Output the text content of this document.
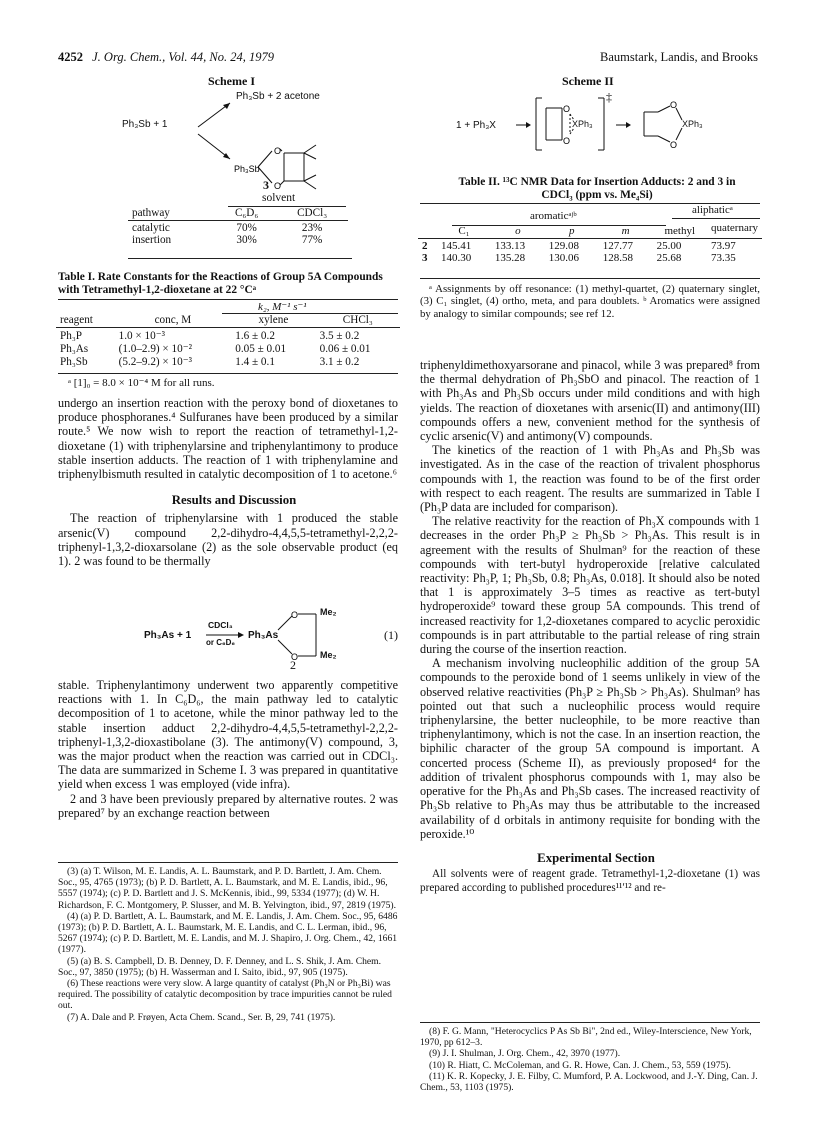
4252 J. Org. Chem., Vol. 44, No. 24, 1979	Baumstark, Landis, and Brooks
Scheme I
Ph₃Sb + 2 acetone
Ph₃Sb + 1
O
O
Ph₃Sb
3
solvent
pathway	C₆D₆	CDCl₃

catalytic	70%	23%
insertion	30%	77%
Table I. Rate Constants for the Reactions of Group 5A Compounds with Tetramethyl-1,2-dioxetane at 22 °Cᵃ
k₂, M⁻¹ s⁻¹
reagent	conc, M	xylene	CHCl₃

Ph₃P	1.0 × 10⁻³	1.6 ± 0.2	3.5 ± 0.2
Ph₃As	(1.0–2.9) × 10⁻²	0.05 ± 0.01	0.06 ± 0.01
Ph₃Sb	(5.2–9.2) × 10⁻³	1.4 ± 0.1	3.1 ± 0.2
ᵃ [1]₀ = 8.0 × 10⁻⁴ M for all runs.

undergo an insertion reaction with the peroxy bond of dioxetanes to produce phosphoranes.⁴ Sulfuranes have been produced by a similar route.⁵ We now wish to report the reaction of tetramethyl-1,2-dioxetane (1) with triphenylarsine and triphenylantimony to produce stable insertion adducts. The reaction of 1 with triphenylamine and triphenylbismuth resulted in catalytic decomposition of 1 to acetone.⁶

Results and Discussion

The reaction of triphenylarsine with 1 produced the stable arsenic(V) compound 2,2-dihydro-4,4,5,5-tetramethyl-2,2,2-triphenyl-1,3,2-dioxarsolane (2) as the sole observable product (eq 1). 2 was found to be thermally

Ph₃As + 1
CDCl₃
or C₆D₆
O
O
Ph₃As
Me₂
Me₂
(1)
2

stable. Triphenylantimony underwent two apparently competitive reactions with 1. In C₆D₆, the main pathway led to catalytic decomposition of 1 to acetone, while the minor pathway led to the stable insertion adduct 2,2-dihydro-4,4,5,5-tetramethyl-2,2,2-triphenyl-1,3,2-dioxastibolane (3). The antimony(V) compound, 3, was the major product when the reaction was carried out in CDCl₃. The data are summarized in Scheme I. 3 was prepared in quantitative yield when excess 1 was employed (vide infra).

2 and 3 have been previously prepared by alternative routes. 2 was prepared⁷ by an exchange reaction between

(3) (a) T. Wilson, M. E. Landis, A. L. Baumstark, and P. D. Bartlett, J. Am. Chem. Soc., 95, 4765 (1973); (b) P. D. Bartlett, A. L. Baumstark, and M. E. Landis, ibid., 96, 5557 (1974); (c) P. D. Bartlett and J. S. McKennis, ibid., 99, 5334 (1977); (d) W. H. Richardson, F. C. Montgomery, P. Slusser, and M. B. Yelvington, ibid., 97, 2819 (1975).

(4) (a) P. D. Bartlett, A. L. Baumstark, and M. E. Landis, J. Am. Chem. Soc., 95, 6486 (1973); (b) P. D. Bartlett, A. L. Baumstark, M. E. Landis, and C. L. Lerman, ibid., 96, 5267 (1974); (c) P. D. Bartlett, M. E. Landis, and M. J. Shapiro, J. Org. Chem., 42, 1661 (1977).

(5) (a) B. S. Campbell, D. B. Denney, D. F. Denney, and L. S. Shik, J. Am. Chem. Soc., 97, 3850 (1975); (b) H. Wasserman and I. Saito, ibid., 97, 905 (1975).

(6) These reactions were very slow. A large quantity of catalyst (Ph₃N or Ph₃Bi) was required. The possibility of catalytic decomposition by trace impurities cannot be ruled out.

(7) A. Dale and P. Frøyen, Acta Chem. Scand., Ser. B, 29, 741 (1975).

Scheme II
1 + Ph₃X
O
O
O
O
XPh₃
‡
XPh₃
Table II. ¹³C NMR Data for Insertion Adducts: 2 and 3 in CDCl₃ (ppm vs. Me₄Si)
aromaticᵃʲᵇ	aliphaticᵃ
	C₁	o	p	m	methyl	quaternary

2	145.41	133.13	129.08	127.77	25.00	73.97
3	140.30	135.28	130.06	128.58	25.68	73.35

ᵃ Assignments by off resonance: (1) methyl-quartet, (2) quaternary singlet, (3) C₁ singlet, (4) ortho, meta, and para doublets. ᵇ Aromatics were assigned by analogy to similar compounds; see ref 12.

triphenyldimethoxyarsorane and pinacol, while 3 was prepared⁸ from the thermal dehydration of Ph₃SbO and pinacol. The reaction of 1 with Ph₃As and Ph₃Sb occurs under mild conditions and with high yields. The reaction of dioxetanes with arsenic(II) and antimony(III) compounds offers a new, convenient method for the synthesis of cyclic arsenic(V) and antimony(V) compounds.

The kinetics of the reaction of 1 with Ph₃As and Ph₃Sb was investigated. As in the case of the reaction of trivalent phosphorus compounds with 1, the reaction was found to be of the first order with respect to each reagent. The results are summarized in Table I (Ph₃P data are included for comparison).

The relative reactivity for the reaction of Ph₃X compounds with 1 decreases in the order Ph₃P ≥ Ph₃Sb > Ph₃As. This result is in agreement with the results of Shulman⁹ for the reaction of these compounds with tert-butyl hydroperoxide [relative calculated reactivity: Ph₃P, 1; Ph₃Sb, 0.8; Ph₃As, 0.018]. It should also be noted that 1 is approximately 3–5 times as reactive as tert-butyl hydroperoxide⁹ toward these group 5A compounds. This trend of increased reactivity for 1,2-dioxetanes compared to acyclic peroxidic compounds is in part attributable to the partial release of ring strain during the course of the insertion reaction.

A mechanism involving nucleophilic addition of the group 5A compounds to the peroxide bond of 1 seems unlikely in view of the observed relative reactivities (Ph₃P ≥ Ph₃Sb > Ph₃As). Shulman⁹ has pointed out that such a nucleophilic process would require triphenylarsine, the better nucleophile, to be more reactive than triphenylantimony, which is not the case. In an insertion reaction, the biphilic character of the group 5A compound is important. A concerted process (Scheme II), as previously proposed⁴ for the addition of trivalent phosphorus compounds with 1, may also be operative for the Ph₃As and Ph₃Sb cases. The increased reactivity of Ph₃Sb relative to Ph₃As may thus be attributable to the increased availability of d orbitals in antimony requisite for bonding with the peroxide.¹⁰

Experimental Section

All solvents were of reagent grade. Tetramethyl-1,2-dioxetane (1) was prepared according to published procedures¹¹ʹ¹² and re-

(8) F. G. Mann, "Heterocyclics P As Sb Bi", 2nd ed., Wiley-Interscience, New York, 1970, pp 612–3.

(9) J. I. Shulman, J. Org. Chem., 42, 3970 (1977).

(10) R. Hiatt, C. McColeman, and G. R. Howe, Can. J. Chem., 53, 559 (1975).

(11) K. R. Kopecky, J. E. Filby, C. Mumford, P. A. Lockwood, and J.-Y. Ding, Can. J. Chem., 53, 1103 (1975).
